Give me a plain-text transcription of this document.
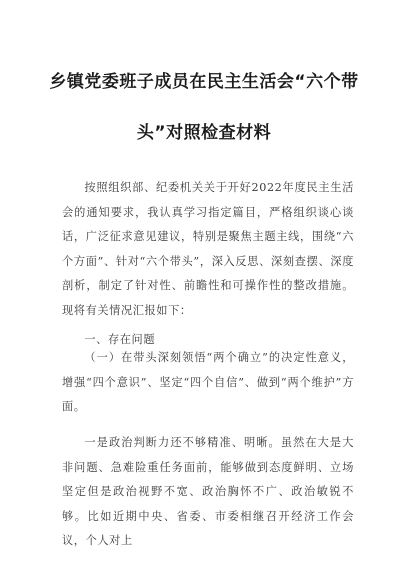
乡镇党委班子成员在民主生活会“六个带
头”对照检查材料

按照组织部、纪委机关关于开好2022年度民主生活会的通知要求，我认真学习指定篇目，严格组织谈心谈话，广泛征求意见建议，特别是聚焦主题主线，围绕“六个方面”、针对“六个带头”，深入反思、深刻查摆、深度剖析，制定了针对性、前瞻性和可操作性的整改措施。现将有关情况汇报如下：

一、存在问题

（一）在带头深刻领悟“两个确立”的决定性意义，增强“四个意识”、坚定“四个自信”、做到“两个维护”方面。

一是政治判断力还不够精准、明晰。虽然在大是大非问题、急难险重任务面前，能够做到态度鲜明、立场坚定但是政治视野不宽、政治胸怀不广、政治敏锐不够。比如近期中央、省委、市委相继召开经济工作会议，个人对上
